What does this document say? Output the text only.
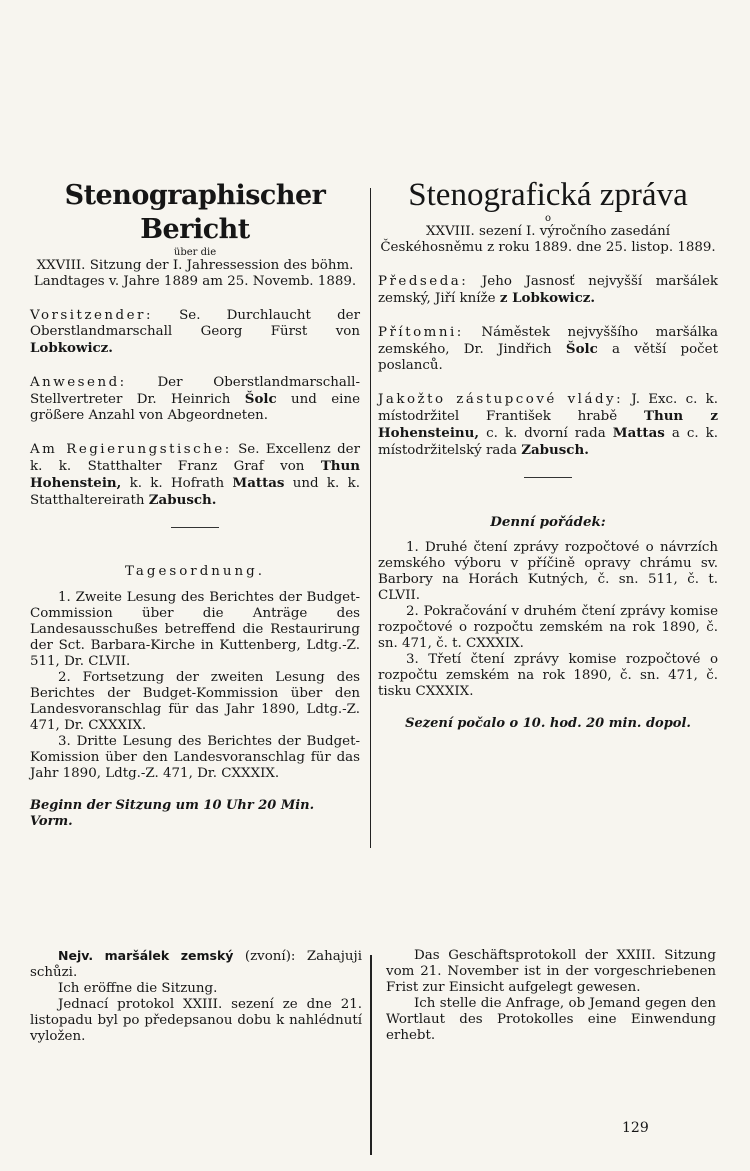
Stenographischer Bericht
über die
XXVIII. Sitzung der I. Jahressession des böhm. Landtages v. Jahre 1889 am 25. Novemb. 1889.
Vorsitzender: Se. Durchlaucht der Oberstlandmarschall Georg Fürst von Lobkowicz.
Anwesend: Der Oberstlandmarschall-Stellvertreter Dr. Heinrich Šolc und eine größere Anzahl von Abgeordneten.
Am Regierungstische: Se. Excellenz der k. k. Statthalter Franz Graf von Thun Hohenstein, k. k. Hofrath Mattas und k. k. Statthaltereirath Zabusch.
Tagesordnung.
1. Zweite Lesung des Berichtes der Budget-Commission über die Anträge des Landesausschußes betreffend die Restaurirung der Sct. Barbara-Kirche in Kuttenberg, Ldtg.-Z. 511, Dr. CLVII.
2. Fortsetzung der zweiten Lesung des Berichtes der Budget-Kommission über den Landesvoranschlag für das Jahr 1890, Ldtg.-Z. 471, Dr. CXXXIX.
3. Dritte Lesung des Berichtes der Budget-Komission über den Landesvoranschlag für das Jahr 1890, Ldtg.-Z. 471, Dr. CXXXIX.
Beginn der Sitzung um 10 Uhr 20 Min. Vorm.
Stenografická zpráva
o
XXVIII. sezení I. výročního zasedání Českéhosněmu z roku 1889. dne 25. listop. 1889.
Předseda: Jeho Jasnosť nejvyšší maršálek zemský, Jiří kníže z Lobkowicz.
Přítomni: Náměstek nejvyššího maršálka zemského, Dr. Jindřich Šolc a větší počet poslanců.
Jakožto zástupcové vlády: J. Exc. c. k. místodržitel František hrabě Thun z Hohensteinu, c. k. dvorní rada Mattas a c. k. místodržitelský rada Zabusch.
Denní pořádek:
1. Druhé čtení zprávy rozpočtové o návrzích zemského výboru v příčině opravy chrámu sv. Barbory na Horách Kutných, č. sn. 511, č. t. CLVII.
2. Pokračování v druhém čtení zprávy komise rozpočtové o rozpočtu zemském na rok 1890, č. sn. 471, č. t. CXXXIX.
3. Třetí čtení zprávy komise rozpočtové o rozpočtu zemském na rok 1890, č. sn. 471, č. tisku CXXXIX.
Sezení počalo o 10. hod. 20 min. dopol.
Nejv. maršálek zemský (zvoní): Zahajuji schůzi.
Ich eröffne die Sitzung.
Jednací protokol XXIII. sezení ze dne 21. listopadu byl po předepsanou dobu k nahlédnutí vyložen.
Das Geschäftsprotokoll der XXIII. Sitzung vom 21. November ist in der vorgeschriebenen Frist zur Einsicht aufgelegt gewesen.
Ich stelle die Anfrage, ob Jemand gegen den Wortlaut des Protokolles eine Einwendung erhebt.
129
